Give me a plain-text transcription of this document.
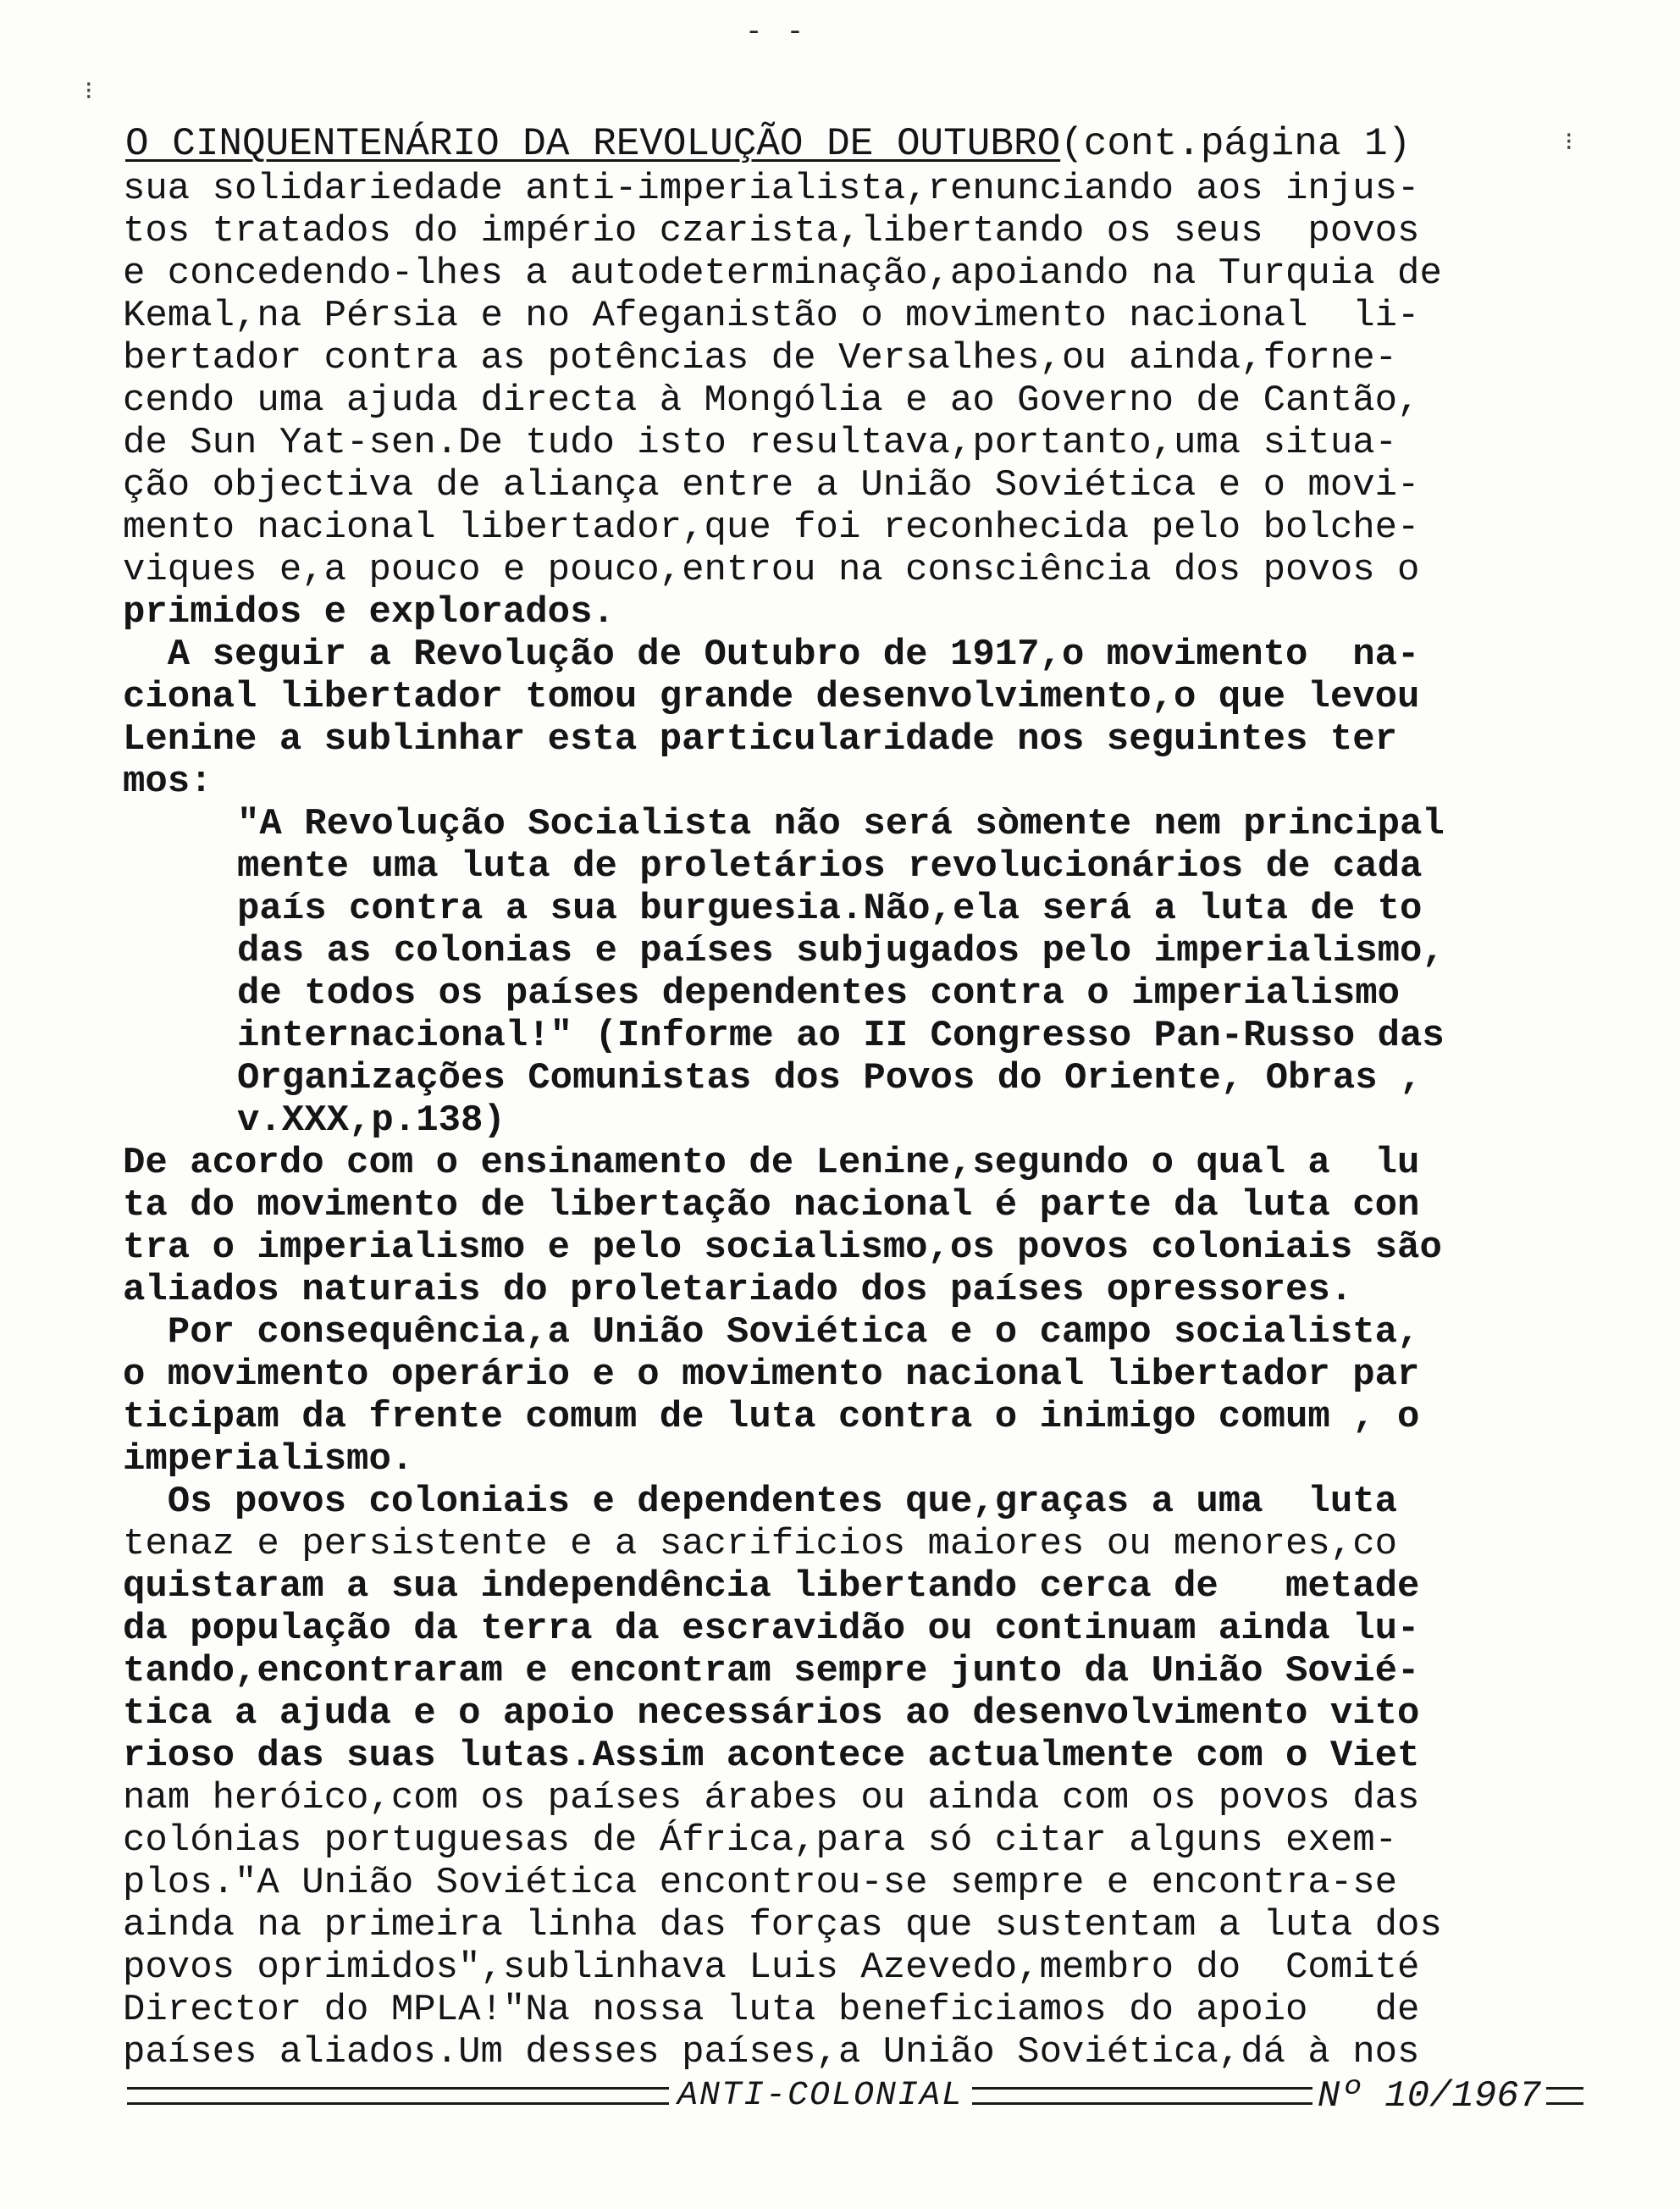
- -
⁝
⁝
O CINQUENTENÁRIO DA REVOLUÇÃO DE OUTUBRO(cont.página 1)
sua solidariedade anti-imperialista,renunciando aos injus-
tos tratados do império czarista,libertando os seus  povos
e concedendo-lhes a autodeterminação,apoiando na Turquia de
Kemal,na Pérsia e no Afeganistão o movimento nacional  li-
bertador contra as potências de Versalhes,ou ainda,forne-
cendo uma ajuda directa à Mongólia e ao Governo de Cantão,
de Sun Yat-sen.De tudo isto resultava,portanto,uma situa-
ção objectiva de aliança entre a União Soviética e o movi-
mento nacional libertador,que foi reconhecida pelo bolche-
viques e,a pouco e pouco,entrou na consciência dos povos o
primidos e explorados.
A seguir a Revolução de Outubro de 1917,o movimento  na-
cional libertador tomou grande desenvolvimento,o que levou
Lenine a sublinhar esta particularidade nos seguintes ter
mos:
"A Revolução Socialista não será sòmente nem principal
mente uma luta de proletários revolucionários de cada
país contra a sua burguesia.Não,ela será a luta de to
das as colonias e países subjugados pelo imperialismo,
de todos os países dependentes contra o imperialismo
internacional!" (Informe ao II Congresso Pan-Russo das
Organizações Comunistas dos Povos do Oriente, Obras ,
v.XXX,p.138)
De acordo com o ensinamento de Lenine,segundo o qual a  lu
ta do movimento de libertação nacional é parte da luta con
tra o imperialismo e pelo socialismo,os povos coloniais são
aliados naturais do proletariado dos países opressores.
Por consequência,a União Soviética e o campo socialista,
o movimento operário e o movimento nacional libertador par
ticipam da frente comum de luta contra o inimigo comum , o
imperialismo.
Os povos coloniais e dependentes que,graças a uma  luta
tenaz e persistente e a sacrificios maiores ou menores,co
quistaram a sua independência libertando cerca de   metade
da população da terra da escravidão ou continuam ainda lu-
tando,encontraram e encontram sempre junto da União Sovié-
tica a ajuda e o apoio necessários ao desenvolvimento vito
rioso das suas lutas.Assim acontece actualmente com o Viet
nam heróico,com os países árabes ou ainda com os povos das
colónias portuguesas de África,para só citar alguns exem-
plos."A União Soviética encontrou-se sempre e encontra-se
ainda na primeira linha das forças que sustentam a luta dos
povos oprimidos",sublinhava Luis Azevedo,membro do  Comité
Director do MPLA!"Na nossa luta beneficiamos do apoio   de
países aliados.Um desses países,a União Soviética,dá à nos
ANTI-COLONIAL	Nº 10/1967
